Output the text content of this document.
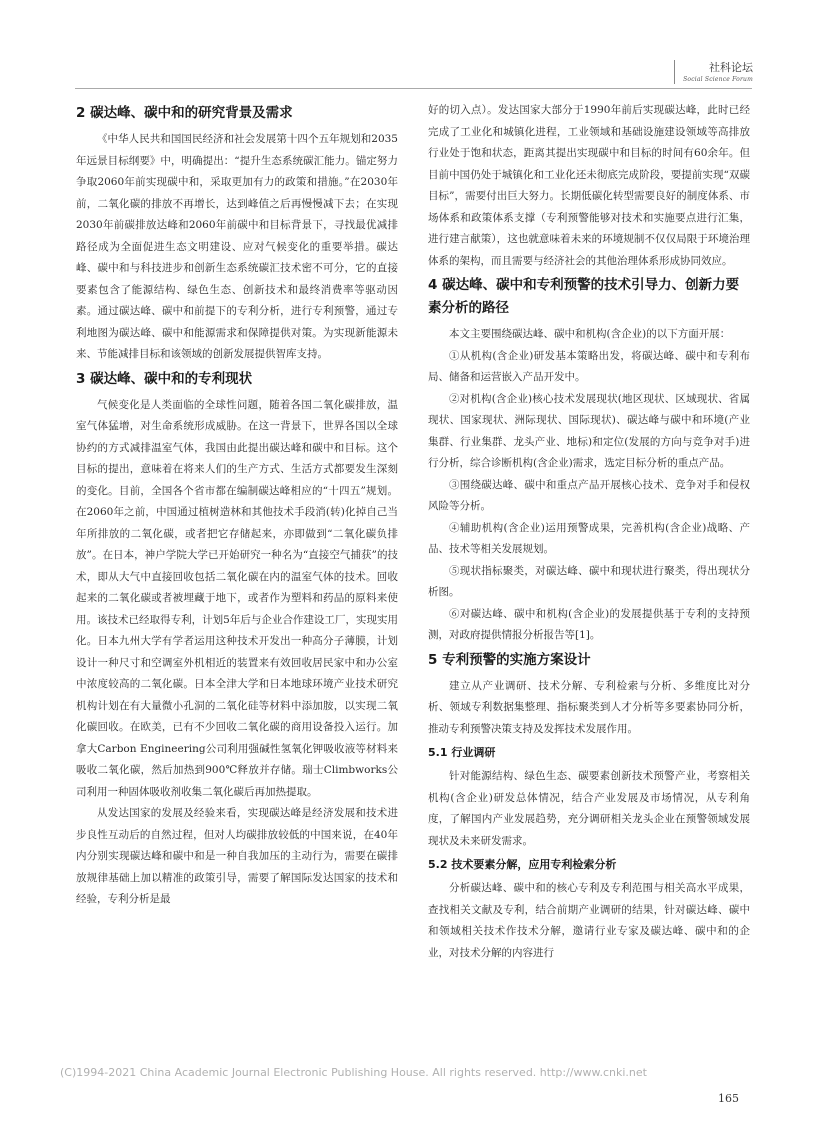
社科论坛
Social Science Forum
2 碳达峰、碳中和的研究背景及需求

《中华人民共和国国民经济和社会发展第十四个五年规划和2035年远景目标纲要》中，明确提出：“提升生态系统碳汇能力。锚定努力争取2060年前实现碳中和，采取更加有力的政策和措施。”在2030年前，二氧化碳的排放不再增长，达到峰值之后再慢慢减下去；在实现2030年前碳排放达峰和2060年前碳中和目标背景下，寻找最优减排路径成为全面促进生态文明建设、应对气候变化的重要举措。碳达峰、碳中和与科技进步和创新生态系统碳汇技术密不可分，它的直接要素包含了能源结构、绿色生态、创新技术和最终消费率等驱动因素。通过碳达峰、碳中和前提下的专利分析，进行专利预警，通过专利地图为碳达峰、碳中和能源需求和保障提供对策。为实现新能源未来、节能减排目标和该领域的创新发展提供智库支持。

3 碳达峰、碳中和的专利现状

气候变化是人类面临的全球性问题，随着各国二氧化碳排放，温室气体猛增，对生命系统形成威胁。在这一背景下，世界各国以全球协约的方式减排温室气体，我国由此提出碳达峰和碳中和目标。这个目标的提出，意味着在将来人们的生产方式、生活方式都要发生深刻的变化。目前，全国各个省市都在编制碳达峰相应的“十四五”规划。在2060年之前，中国通过植树造林和其他技术手段消(转)化掉自己当年所排放的二氧化碳，或者把它存储起来，亦即做到“二氧化碳负排放”。在日本，神户学院大学已开始研究一种名为“直接空气捕获”的技术，即从大气中直接回收包括二氧化碳在内的温室气体的技术。回收起来的二氧化碳或者被埋藏于地下，或者作为塑料和药品的原料来使用。该技术已经取得专利，计划5年后与企业合作建设工厂，实现实用化。日本九州大学有学者运用这种技术开发出一种高分子薄膜，计划设计一种尺寸和空调室外机相近的装置来有效回收居民家中和办公室中浓度较高的二氧化碳。日本全津大学和日本地球环境产业技术研究机构计划在有大量微小孔洞的二氧化硅等材料中添加胺，以实现二氧化碳回收。在欧美，已有不少回收二氧化碳的商用设备投入运行。加拿大Carbon Engineering公司利用强碱性氢氧化钾吸收液等材料来吸收二氧化碳，然后加热到900℃释放并存储。瑞士Climbworks公司利用一种固体吸收剂收集二氧化碳后再加热提取。

从发达国家的发展及经验来看，实现碳达峰是经济发展和技术进步良性互动后的自然过程，但对人均碳排放较低的中国来说，在40年内分别实现碳达峰和碳中和是一种自我加压的主动行为，需要在碳排放规律基础上加以精准的政策引导，需要了解国际发达国家的技术和经验，专利分析是最

好的切入点）。发达国家大部分于1990年前后实现碳达峰，此时已经完成了工业化和城镇化进程，工业领域和基础设施建设领域等高排放行业处于饱和状态，距离其提出实现碳中和目标的时间有60余年。但目前中国仍处于城镇化和工业化还未彻底完成阶段，要提前实现“双碳目标”，需要付出巨大努力。长期低碳化转型需要良好的制度体系、市场体系和政策体系支撑（专利预警能够对技术和实施要点进行汇集，进行建言献策），这也就意味着未来的环境规制不仅仅局限于环境治理体系的架构，而且需要与经济社会的其他治理体系形成协同效应。

4 碳达峰、碳中和专利预警的技术引导力、创新力要素分析的路径

本文主要围绕碳达峰、碳中和机构(含企业)的以下方面开展：

①从机构(含企业)研发基本策略出发，将碳达峰、碳中和专利布局、储备和运营嵌入产品开发中。

②对机构(含企业)核心技术发展现状(地区现状、区域现状、省属现状、国家现状、洲际现状、国际现状)、碳达峰与碳中和环境(产业集群、行业集群、龙头产业、地标)和定位(发展的方向与竞争对手)进行分析，综合诊断机构(含企业)需求，选定目标分析的重点产品。

③围绕碳达峰、碳中和重点产品开展核心技术、竞争对手和侵权风险等分析。

④辅助机构(含企业)运用预警成果，完善机构(含企业)战略、产品、技术等相关发展规划。

⑤现状指标聚类，对碳达峰、碳中和现状进行聚类，得出现状分析图。

⑥对碳达峰、碳中和机构(含企业)的发展提供基于专利的支持预测，对政府提供情报分析报告等[1]。

5 专利预警的实施方案设计

建立从产业调研、技术分解、专利检索与分析、多维度比对分析、领域专利数据集整理、指标聚类到人才分析等多要素协同分析，推动专利预警决策支持及发挥技术发展作用。

5.1 行业调研

针对能源结构、绿色生态、碳要素创新技术预警产业，考察相关机构(含企业)研发总体情况，结合产业发展及市场情况，从专利角度，了解国内产业发展趋势，充分调研相关龙头企业在预警领域发展现状及未来研发需求。

5.2 技术要素分解，应用专利检索分析

分析碳达峰、碳中和的核心专利及专利范围与相关高水平成果，查找相关文献及专利，结合前期产业调研的结果，针对碳达峰、碳中和领域相关技术作技术分解，邀请行业专家及碳达峰、碳中和的企业，对技术分解的内容进行

(C)1994-2021 China Academic Journal Electronic Publishing House. All rights reserved. http://www.cnki.net
165
